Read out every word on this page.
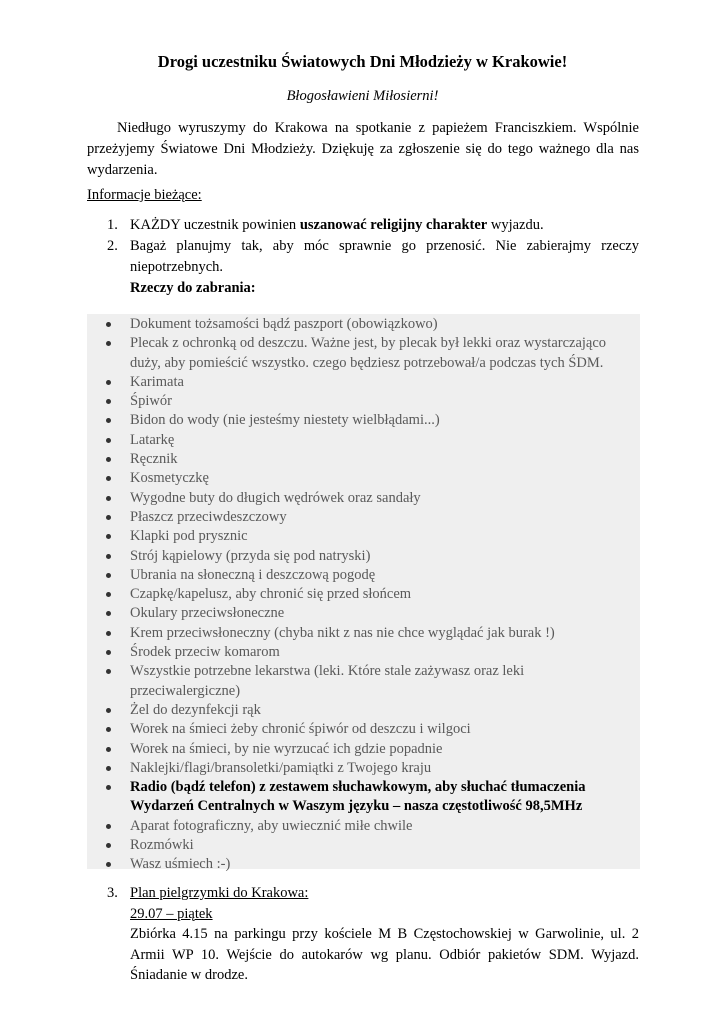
Drogi uczestniku Światowych Dni Młodzieży w Krakowie!
Błogosławieni Miłosierni!
Niedługo wyruszymy do Krakowa na spotkanie z papieżem Franciszkiem. Wspólnie przeżyjemy Światowe Dni Młodzieży. Dziękuję za zgłoszenie się do tego ważnego dla nas wydarzenia.
Informacje bieżące:
1. KAŻDY uczestnik powinien uszanować religijny charakter wyjazdu.
2. Bagaż planujmy tak, aby móc sprawnie go przenosić. Nie zabierajmy rzeczy niepotrzebnych.
Rzeczy do zabrania:
Dokument tożsamości bądź paszport (obowiązkowo)
Plecak z ochronką od deszczu. Ważne jest, by plecak był lekki oraz wystarczająco duży, aby pomieścić wszystko. czego będziesz potrzebował/a podczas tych ŚDM.
Karimata
Śpiwór
Bidon do wody (nie jesteśmy niestety wielbłądami...)
Latarkę
Ręcznik
Kosmetyczkę
Wygodne buty do długich wędrówek oraz sandały
Płaszcz przeciwdeszczowy
Klapki pod prysznic
Strój kąpielowy (przyda się pod natryski)
Ubrania na słoneczną i deszczową pogodę
Czapkę/kapelusz, aby chronić się przed słońcem
Okulary przeciwsłoneczne
Krem przeciwsłoneczny (chyba nikt z nas nie chce wyglądać jak burak !)
Środek przeciw komarom
Wszystkie potrzebne lekarstwa (leki. Które stale zażywasz oraz leki przeciwalergiczne)
Żel do dezynfekcji rąk
Worek na śmieci żeby chronić śpiwór od deszczu i wilgoci
Worek na śmieci, by nie wyrzucać ich gdzie popadnie
Naklejki/flagi/bransoletki/pamiątki z Twojego kraju
Radio (bądź telefon) z zestawem słuchawkowym, aby słuchać tłumaczenia Wydarzeń Centralnych w Waszym języku – nasza częstotliwość 98,5MHz
Aparat fotograficzny, aby uwiecznić miłe chwile
Rozmówki
Wasz uśmiech :-)
3. Plan pielgrzymki do Krakowa:
29.07 – piątek
Zbiórka 4.15 na parkingu przy kościele M B Częstochowskiej w Garwolinie, ul. 2 Armii WP 10. Wejście do autokarów wg planu. Odbiór pakietów SDM. Wyjazd. Śniadanie w drodze.
